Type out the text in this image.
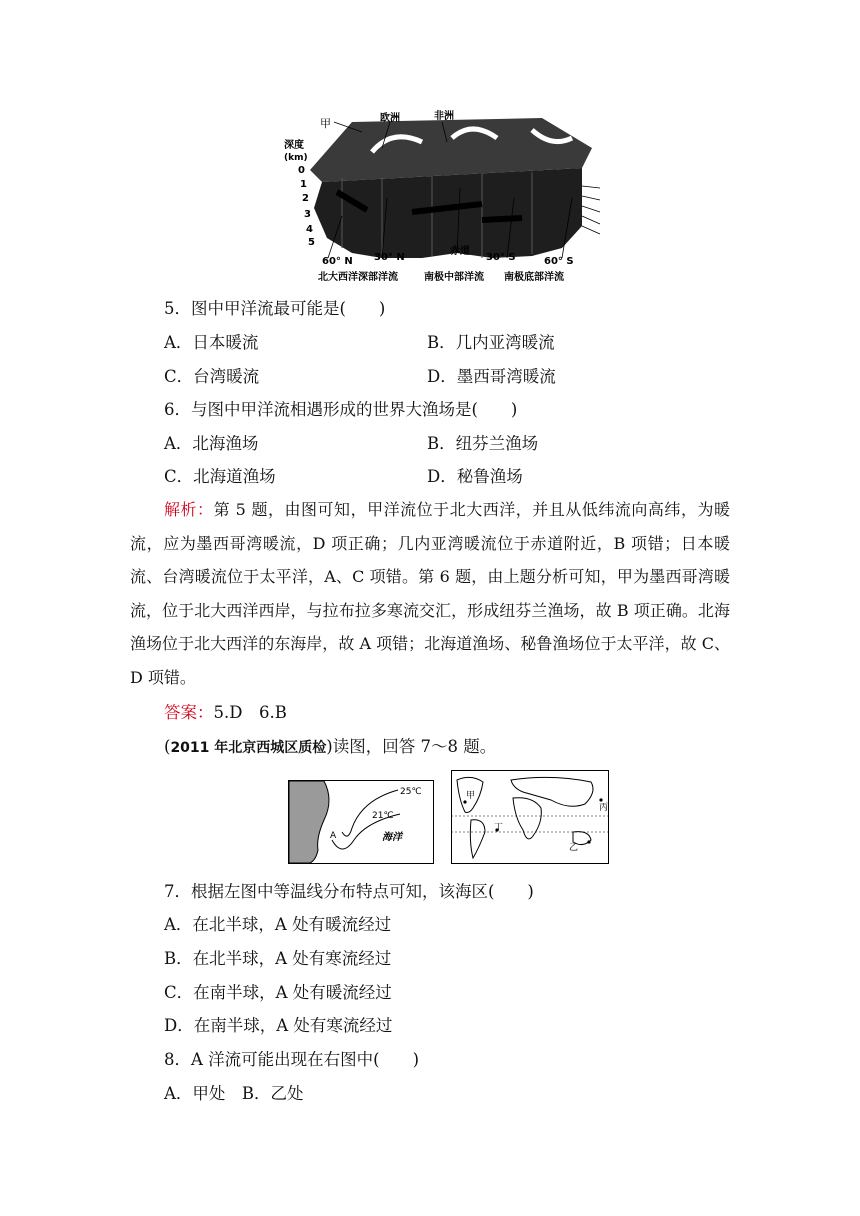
甲	欧洲	非洲
深度
(km)
0
1
2
3
4
5
60° N 30° N
赤道
30° S	60° S
北大西洋深部洋流	南极中部洋流 南极底部洋流
5．图中甲洋流最可能是(　　)
A．日本暖流	B．几内亚湾暖流
C．台湾暖流	D．墨西哥湾暖流
6．与图中甲洋流相遇形成的世界大渔场是(　　)
A．北海渔场	B．纽芬兰渔场
C．北海道渔场	D．秘鲁渔场
解析：第 5 题，由图可知，甲洋流位于北大西洋，并且从低纬流向高纬，为暖流，应为墨西哥湾暖流，D 项正确；几内亚湾暖流位于赤道附近，B 项错；日本暖流、台湾暖流位于太平洋，A、C 项错。第 6 题，由上题分析可知，甲为墨西哥湾暖流，位于北大西洋西岸，与拉布拉多寒流交汇，形成纽芬兰渔场，故 B 项正确。北海渔场位于北大西洋的东海岸，故 A 项错；北海道渔场、秘鲁渔场位于太平洋，故 C、D 项错。
答案：5.D　6.B
(2011 年北京西城区质检)读图，回答 7～8 题。
25℃
21℃
A	海洋
甲
乙
丙
丁
7．根据左图中等温线分布特点可知，该海区(　　)
A．在北半球，A 处有暖流经过
B．在北半球，A 处有寒流经过
C．在南半球，A 处有暖流经过
D．在南半球，A 处有寒流经过
8．A 洋流可能出现在右图中(　　)
A．甲处　B．乙处
